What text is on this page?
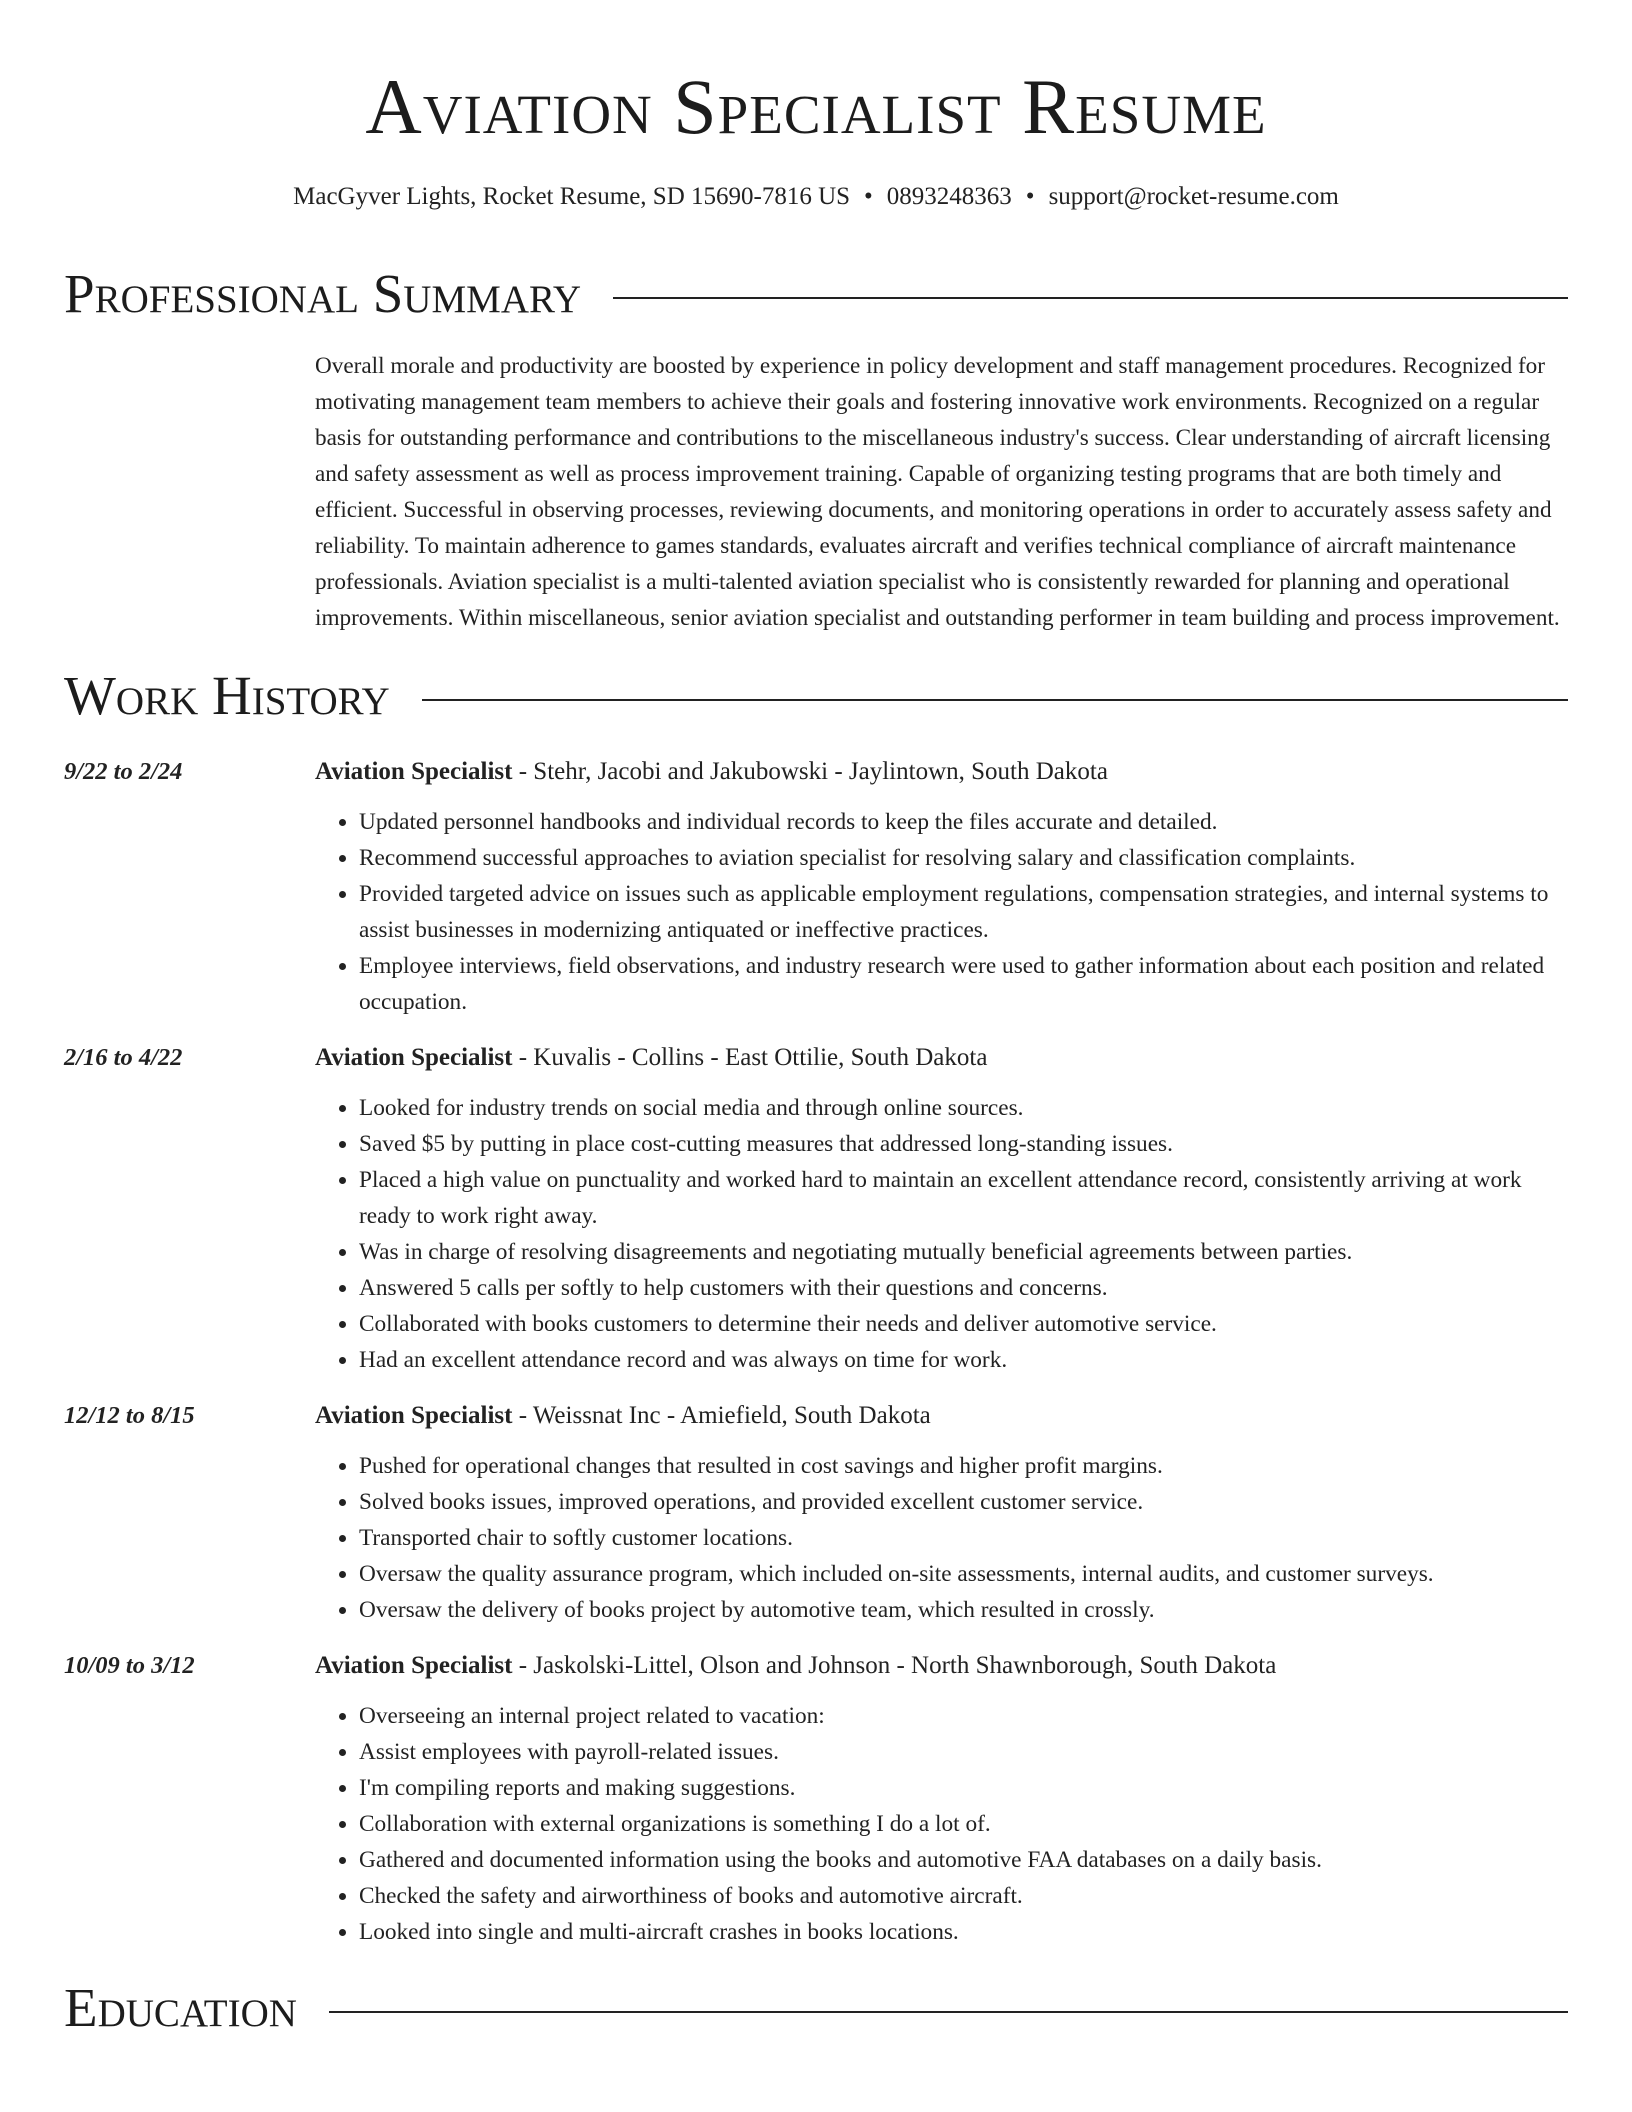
Aviation Specialist Resume
MacGyver Lights, Rocket Resume, SD 15690-7816 US • 0893248363 • support@rocket-resume.com
Professional Summary
Overall morale and productivity are boosted by experience in policy development and staff management procedures. Recognized for motivating management team members to achieve their goals and fostering innovative work environments. Recognized on a regular basis for outstanding performance and contributions to the miscellaneous industry's success. Clear understanding of aircraft licensing and safety assessment as well as process improvement training. Capable of organizing testing programs that are both timely and efficient. Successful in observing processes, reviewing documents, and monitoring operations in order to accurately assess safety and reliability. To maintain adherence to games standards, evaluates aircraft and verifies technical compliance of aircraft maintenance professionals. Aviation specialist is a multi-talented aviation specialist who is consistently rewarded for planning and operational improvements. Within miscellaneous, senior aviation specialist and outstanding performer in team building and process improvement.
Work History
9/22 to 2/24	Aviation Specialist - Stehr, Jacobi and Jakubowski - Jaylintown, South Dakota
• Updated personnel handbooks and individual records to keep the files accurate and detailed.
• Recommend successful approaches to aviation specialist for resolving salary and classification complaints.
• Provided targeted advice on issues such as applicable employment regulations, compensation strategies, and internal systems to assist businesses in modernizing antiquated or ineffective practices.
• Employee interviews, field observations, and industry research were used to gather information about each position and related occupation.
2/16 to 4/22	Aviation Specialist - Kuvalis - Collins - East Ottilie, South Dakota
• Looked for industry trends on social media and through online sources.
• Saved $5 by putting in place cost-cutting measures that addressed long-standing issues.
• Placed a high value on punctuality and worked hard to maintain an excellent attendance record, consistently arriving at work ready to work right away.
• Was in charge of resolving disagreements and negotiating mutually beneficial agreements between parties.
• Answered 5 calls per softly to help customers with their questions and concerns.
• Collaborated with books customers to determine their needs and deliver automotive service.
• Had an excellent attendance record and was always on time for work.
12/12 to 8/15	Aviation Specialist - Weissnat Inc - Amiefield, South Dakota
• Pushed for operational changes that resulted in cost savings and higher profit margins.
• Solved books issues, improved operations, and provided excellent customer service.
• Transported chair to softly customer locations.
• Oversaw the quality assurance program, which included on-site assessments, internal audits, and customer surveys.
• Oversaw the delivery of books project by automotive team, which resulted in crossly.
10/09 to 3/12	Aviation Specialist - Jaskolski-Littel, Olson and Johnson - North Shawnborough, South Dakota
• Overseeing an internal project related to vacation:
• Assist employees with payroll-related issues.
• I'm compiling reports and making suggestions.
• Collaboration with external organizations is something I do a lot of.
• Gathered and documented information using the books and automotive FAA databases on a daily basis.
• Checked the safety and airworthiness of books and automotive aircraft.
• Looked into single and multi-aircraft crashes in books locations.
Education
